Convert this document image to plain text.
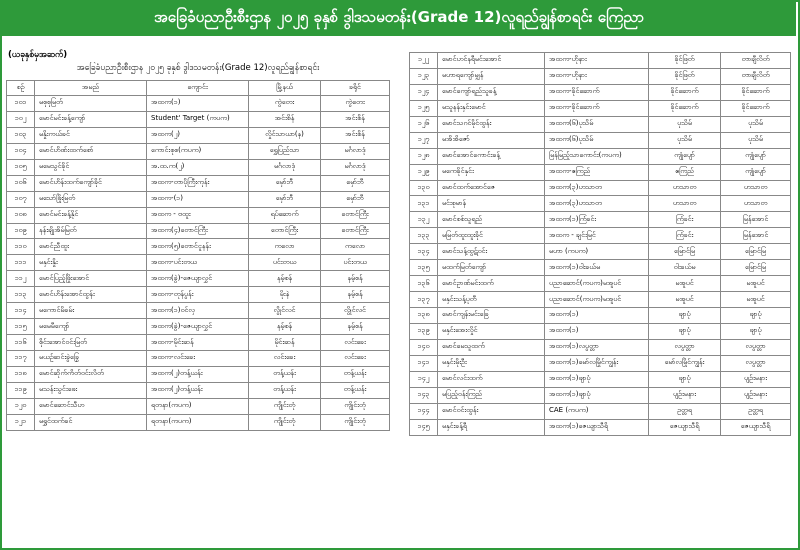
အခြေခံပညာဦးစီးဌာန ၂၀၂၅ ခုနှစ် ဒွါဒသမတန်း(Grade 12)လူရည်ချွန်စာရင်း ကြေညာ
(ယခုနှစ်မှအဆက်)
အခြေခံပညာဦးစီးဌာန ၂၀၂၅ ခုနှစ် ဒွါဒသမတန်း(Grade 12)လူရည်ချွန်စာရင်း
စဉ်	အမည်	ကျောင်း	မြို့နယ်	ခရိုင်
၁၀၁	မစုစုမြတ်	အထက(၁)	ကွဲတေး	ကွဲတေး
၁၀၂	မောင်မင်းခန့်ကျော်	Student' Target (ကပက)	အင်းစိန်	အင်းစိန်
၁၀၃	မနှိုးကယ်ခင်	အထက(၂)	လှိုင်သာယာ(န)	အင်းစိန်
၁၀၄	မောင်ဟိဏ်းထက်စော်	ကောင်းစုစ(ကပက)	ရွှေပြည်သာ	မင်္ဂလာဒုံ
၁၀၅	မမေသွင်ခိုင်	အ.ထ.က(၂)	မင်္ဂလာဒုံ	မင်္ဂလာဒုံ
၁၀၆	မောင်ဟိန်းထက်ကျော်ခိုင်	အထက-တာပိုကြီးကုန်း	မှော်ဘီ	မှော်ဘီ
၁၀၇	မသော်ဖြိုးမြတ်	အထက-(၁)	မှော်ဘီ	မှော်ဘီ
၁၀၈	မောင်မင်းခန့်နိုင်	အထက - ဗထူး	ရပ်ဆောက်	တောင်ကြီး
၁၀၉	နန်းချိုအိမ်မြတ်	အထက(၄)တောင်ကြီး	တောင်ကြီး	တောင်ကြီး
၁၁၀	မောင်ညီထူး	အထက(၅)တောင်ငူနန်း	ကလော	ကလော
၁၁၁	မနှင်းနှိုး	အထက-ပင်းတယ	ပင်းတယ	ပင်းတယ
၁၁၂	မောင်ပြည့်ဖြိုးအောင်	အထက(ခွဲ)-ဇေယျာလွှင်	နမ့်စန်	နမ့်စန်
၁၁၃	မောင်ဟိန်းအောင်ထွန်း	အထက-တုန်ပွန်း	မိုးနဲ	နမ့်စန်
၁၁၄	မကောင်မိခမ်း	အထက(၁)ဝင်လှ	လွိုင်လင်	လွိုင်လင်
၁၁၅	မမေမီကျော်	အထက(ခွဲ)-ဇေယျာလွှင်	နမ့်စန်	နမ့်စန်
၁၁၆	စိုင်းအောင်ဝင်းမြတ်	အထက-မိုင်းဆန်	မိုင်းဆန်	လင်းခေး
၁၁၇	မယဉ်ဆင်းခွဲခြွေ	အထက-လင်းခေး	လင်းခေး	လင်းခေး
၁၁၈	မောင်ဆိုက်ကိတ်ဝင်းလိတ်	အထက(၂)တန့်ယန်း	တန့်ယန်း	တန့်ယန်း
၁၁၉	မသန်းသွင်းဖေး	အထက(၂)တန့်ယန်း	တန့်ယန်း	တန့်ယန်း
၁၂၀	မောင်ဆောင်သီဟ	ရတနာ(ကပက)	ကျိုင်းတုံ	ကျိုင်းတုံ
၁၂၁	မရွှင်ထက်ခင်	ရတနာ(ကပက)	ကျိုင်းတုံ	ကျိုင်းတုံ
၁၂၂	မောင်ဟင်နရီမင်းအောင်	အထက-ဟိုနား	ခိုင်ဖြတ်	တာချီလိတ်
၁၂၃	မဟာရကျော်မျှန်	အထက-ဟိုနား	ခိုင်ဖြတ်	တာချီလိတ်
၁၂၄	မောင်ကျော်ရည်သူခန့်	အထက-ခိုင်ဆောက်	ခိုင်ဆောက်	ခိုင်ဆောက်
၁၂၅	မသူနန်းနှင်းမောင်	အထက-ခိုင်ဆောက်	ခိုင်ဆောက်	ခိုင်ဆောက်
၁၂၆	မောင်သဂင်မိုင်ထွန်း	အထက(၆)ပုသိမ်	ပုသိမ်	ပုသိမ်
၁၂၇	မအိအိဇော်	အထက(၆)ပုသိမ်	ပုသိမ်	ပုသိမ်
၁၂၈	မောင်အောင်ကောင်းခန့်	မြန်မြည့်သာကောင်း(ကပက)	ကျုံပျော်	ကျုံပျော်
၁၂၉	မကေခိုင်နှင်း	အထက-ဧကြည်	ဧကြည်	ကျုံပျော်
၁၃၀	မောင်ထက်အောင်ဇေ	အထက(၃)ဟသာတ	ဟသာတ	ဟသာတ
၁၃၁	မင်းစုမာန်	အထက(၃)ဟသာတ	ဟသာတ	ဟသာတ
၁၃၂	မောင်စစ်သူရည်	အထက(၁)ကြံခင်း	ကြံခင်း	မြန်အောင်
၁၃၃	မမြတ်ထူးထူးခိုင်	အထက - ချင်းမြင်	ကြံခင်း	မြန်အောင်
၁၃၄	မောင်သန့်ထွဋ်ဝင်း	မဟာ (ကပက)	မြောင်မြ	မြောင်မြ
၁၃၅	မထက်မြတ်ကျော်	အထက(၁)ဝါးခယ်မ	ဝါးခယ်မ	မြောင်မြ
၁၃၆	မောင်ဥာဏ်မင်းထက်	ပညာ‌ဆောင်(ကပက)မအူပင်	မအူပင်	မအူပင်
၁၃၇	မနှင်းသန့်ပုတီ	ပညာ‌ဆောင်(ကပက)မအူပင်	မအူပင်	မအူပင်
၁၃၈	မောင်ကျန်းမင်းခြေ	အထက(၁)	ဖျာပုံ	ဖျာပုံ
၁၃၉	မနှင်းအေးလှိုင်	အထက(၁)	ဖျာပုံ	ဖျာပုံ
၁၄၀	မောင်မေသူထက်	အထက(၁)လပွတ္တာ	လပွတ္တာ	လပွတ္တာ
၁၄၁	မနှင်းမိုးဦး	အထက(၁)မော်လမြိုင်ကျွန်း	မော်လမြိုင်ကျွန်း	လပွတ္တာ
၁၄၂	မောင်လင်းထက်	အထက(၁)ဖျာပုံ	ဖျာပုံ	ပျဉ်းမနား
၁၄၃	မပြည့်ဝန်းကြည်	အထက(၁)ဖျာပုံ	ပျဉ်းမနား	ပျဉ်းမနား
၁၄၄	မောင်ဝင်းထွန်း	CAE (ကပက)	ဥတ္တရ	ဥတ္တရ
၁၄၅	မနှင်းခန့်ရီ	အထက(၁)ဇေယျာသီရိ	ဇေယျာသီရိ	ဇေယျာသီရိ
